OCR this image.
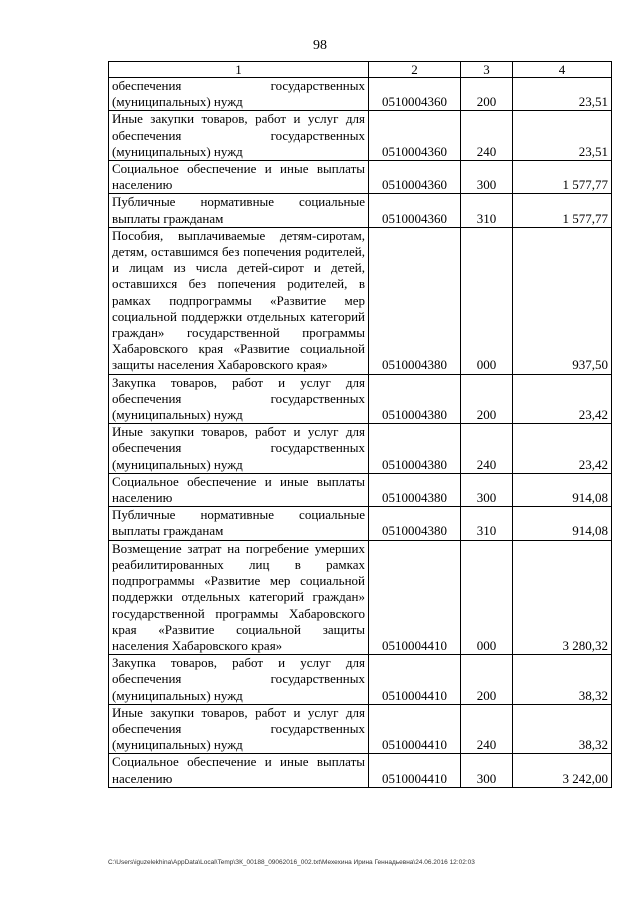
98
1	2	3	4
обеспечения государственных (муниципальных) нужд	0510004360	200	23,51
Иные закупки товаров, работ и услуг для обеспечения государственных (муниципальных) нужд	0510004360	240	23,51
Социальное обеспечение и иные выплаты населению	0510004360	300	1 577,77
Публичные нормативные социальные выплаты гражданам	0510004360	310	1 577,77
Пособия, выплачиваемые детям-сиротам, детям, оставшимся без попечения родителей, и лицам из числа детей-сирот и детей, оставшихся без попечения родителей, в рамках подпрограммы «Развитие мер социальной поддержки отдельных категорий граждан» государственной программы Хабаровского края «Развитие социальной защиты населения Хабаровского края»	0510004380	000	937,50
Закупка товаров, работ и услуг для обеспечения государственных (муниципальных) нужд	0510004380	200	23,42
Иные закупки товаров, работ и услуг для обеспечения государственных (муниципальных) нужд	0510004380	240	23,42
Социальное обеспечение и иные выплаты населению	0510004380	300	914,08
Публичные нормативные социальные выплаты гражданам	0510004380	310	914,08
Возмещение затрат на погребение умерших реабилитированных лиц в рамках подпрограммы «Развитие мер социальной поддержки отдельных категорий граждан» государственной программы Хабаровского края «Развитие социальной защиты населения Хабаровского края»	0510004410	000	3 280,32
Закупка товаров, работ и услуг для обеспечения государственных (муниципальных) нужд	0510004410	200	38,32
Иные закупки товаров, работ и услуг для обеспечения государственных (муниципальных) нужд	0510004410	240	38,32
Социальное обеспечение и иные выплаты населению	0510004410	300	3 242,00
C:\Users\iguzelekhina\AppData\Local\Temp\ЗК_00188_09062016_002.txt\Мехехина Ирина Геннадьевна\24.06.2016 12:02:03
